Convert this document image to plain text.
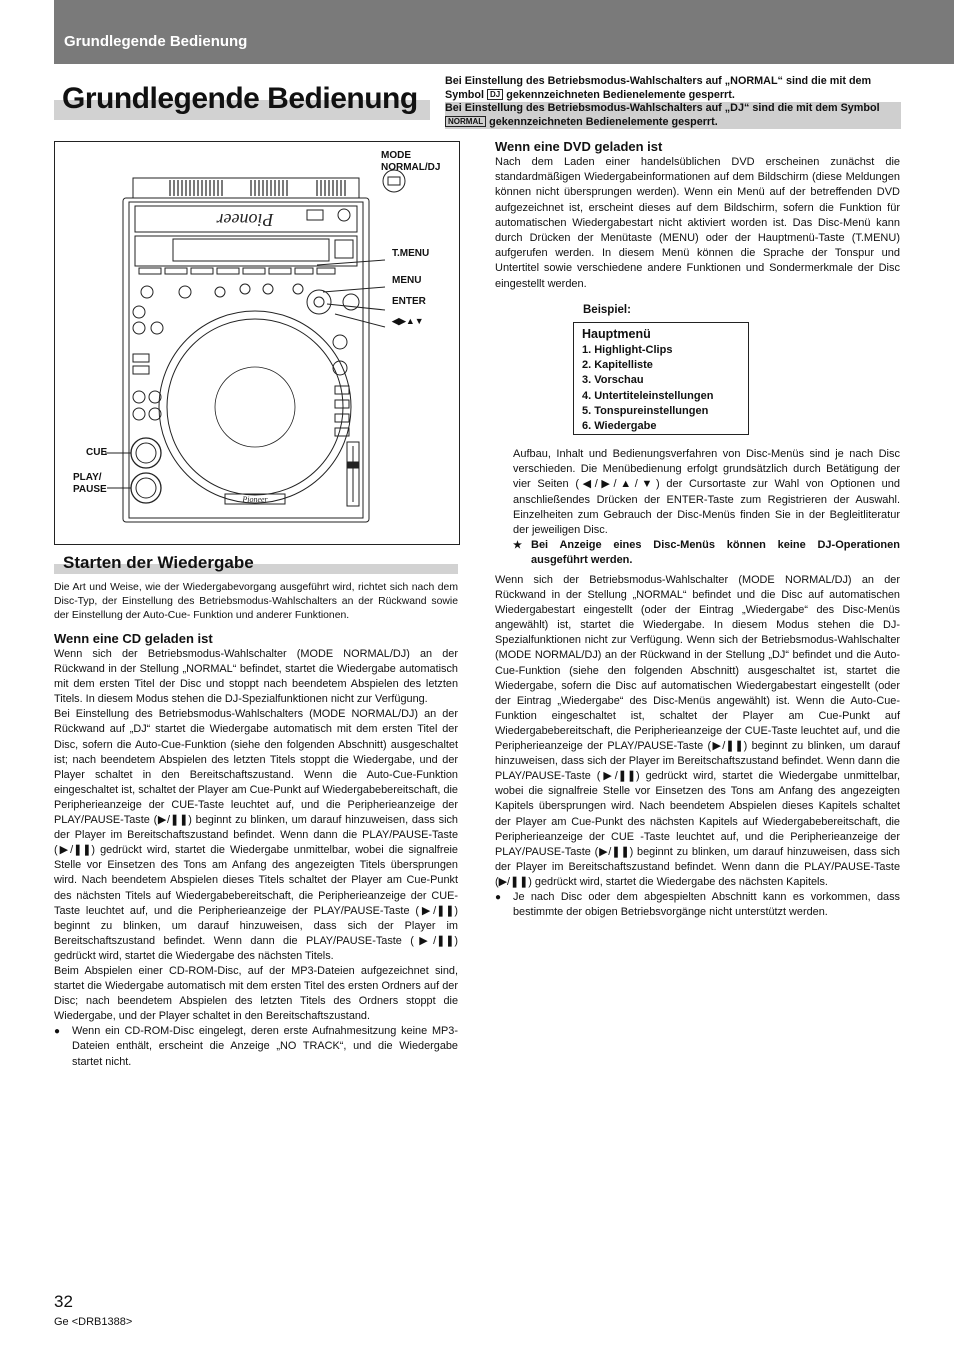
Grundlegende Bedienung
Grundlegende Bedienung
Bei Einstellung des Betriebsmodus-Wahlschalters auf „NORMAL“ sind die mit dem Symbol DJ gekennzeichneten Bedienelemente gesperrt.
Bei Einstellung des Betriebsmodus-Wahlschalters auf „DJ“ sind die mit dem Symbol NORMAL gekennzeichneten Bedienelemente gesperrt.
Pioneer
Pioneer
MODE NORMAL/DJ
T.MENU
MENU
ENTER
◀▶▲▼
CUE
PLAY/ PAUSE
Starten der Wiedergabe
Die Art und Weise, wie der Wiedergabevorgang ausgeführt wird, richtet sich nach dem Disc-Typ, der Einstellung des Betriebsmodus-Wahlschalters an der Rückwand sowie der Einstellung der Auto-Cue- Funktion und anderer Funktionen.
Wenn eine CD geladen ist

Wenn sich der Betriebsmodus-Wahlschalter (MODE NORMAL/DJ) an der Rückwand in der Stellung „NORMAL“ befindet, startet die Wiedergabe automatisch mit dem ersten Titel der Disc und stoppt nach beendetem Abspielen des letzten Titels. In diesem Modus stehen die DJ-Spezialfunktionen nicht zur Verfügung.

Bei Einstellung des Betriebsmodus-Wahlschalters (MODE NORMAL/DJ) an der Rückwand auf „DJ“ startet die Wiedergabe automatisch mit dem ersten Titel der Disc, sofern die Auto-Cue-Funktion (siehe den folgenden Abschnitt) ausgeschaltet ist; nach beendetem Abspielen des letzten Titels stoppt die Wiedergabe, und der Player schaltet in den Bereitschaftszustand. Wenn die Auto-Cue-Funktion eingeschaltet ist, schaltet der Player am Cue-Punkt auf Wiedergabebereitschaft, die Peripherieanzeige der CUE-Taste leuchtet auf, und die Peripherieanzeige der PLAY/PAUSE-Taste (▶/❚❚) beginnt zu blinken, um darauf hinzuweisen, dass sich der Player im Bereitschaftszustand befindet. Wenn dann die PLAY/PAUSE-Taste (▶/❚❚) gedrückt wird, startet die Wiedergabe unmittelbar, wobei die signalfreie Stelle vor Einsetzen des Tons am Anfang des angezeigten Titels übersprungen wird. Nach beendetem Abspielen dieses Titels schaltet der Player am Cue-Punkt des nächsten Titels auf Wiedergabebereitschaft, die Peripherieanzeige der CUE-Taste leuchtet auf, und die Peripherieanzeige der PLAY/PAUSE-Taste (▶/❚❚) beginnt zu blinken, um darauf hinzuweisen, dass sich der Player im Bereitschaftszustand befindet. Wenn dann die PLAY/PAUSE-Taste (▶/❚❚) gedrückt wird, startet die Wiedergabe des nächsten Titels.

Beim Abspielen einer CD-ROM-Disc, auf der MP3-Dateien aufgezeichnet sind, startet die Wiedergabe automatisch mit dem ersten Titel des ersten Ordners auf der Disc; nach beendetem Abspielen des letzten Titels des Ordners stoppt die Wiedergabe, und der Player schaltet in den Bereitschaftszustand.

● Wenn ein CD-ROM-Disc eingelegt, deren erste Aufnahmesitzung keine MP3-Dateien enthält, erscheint die Anzeige „NO TRACK“, und die Wiedergabe startet nicht.

Wenn eine DVD geladen ist

Nach dem Laden einer handelsüblichen DVD erscheinen zunächst die standardmäßigen Wiedergabeinformationen auf dem Bildschirm (diese Meldungen können nicht übersprungen werden). Wenn ein Menü auf der betreffenden DVD aufgezeichnet ist, erscheint dieses auf dem Bildschirm, sofern die Funktion für automatischen Wiedergabestart nicht aktiviert worden ist. Das Disc-Menü kann durch Drücken der Menütaste (MENU) oder der Hauptmenü-Taste (T.MENU) aufgerufen werden. In diesem Menü können die Sprache der Tonspur und Untertitel sowie verschiedene andere Funktionen und Sondermerkmale der Disc eingestellt werden.

Beispiel:
Hauptmenü
1. Highlight-Clips
2. Kapitelliste
3. Vorschau
4. Untertiteleinstellungen
5. Tonspureinstellungen
6. Wiedergabe

Aufbau, Inhalt und Bedienungsverfahren von Disc-Menüs sind je nach Disc verschieden. Die Menübedienung erfolgt grundsätzlich durch Betätigung der vier Seiten (◀/▶/▲/▼) der Cursortaste zur Wahl von Optionen und anschließendes Drücken der ENTER-Taste zum Registrieren der Auswahl. Einzelheiten zum Gebrauch der Disc-Menüs finden Sie in der Begleitliteratur der jeweiligen Disc.

★ Bei Anzeige eines Disc-Menüs können keine DJ-Operationen ausgeführt werden.

Wenn sich der Betriebsmodus-Wahlschalter (MODE NORMAL/DJ) an der Rückwand in der Stellung „NORMAL“ befindet und die Disc auf automatischen Wiedergabestart eingestellt (oder der Eintrag „Wiedergabe“ des Disc-Menüs angewählt) ist, startet die Wiedergabe. In diesem Modus stehen die DJ-Spezialfunktionen nicht zur Verfügung. Wenn sich der Betriebsmodus-Wahlschalter (MODE NORMAL/DJ) an der Rückwand in der Stellung „DJ“ befindet und die Auto-Cue-Funktion (siehe den folgenden Abschnitt) ausgeschaltet ist, startet die Wiedergabe, sofern die Disc auf automatischen Wiedergabestart eingestellt (oder der Eintrag „Wiedergabe“ des Disc-Menüs angewählt) ist. Wenn die Auto-Cue-Funktion eingeschaltet ist, schaltet der Player am Cue-Punkt auf Wiedergabebereitschaft, die Peripherieanzeige der CUE-Taste leuchtet auf, und die Peripherieanzeige der PLAY/PAUSE-Taste (▶/❚❚) beginnt zu blinken, um darauf hinzuweisen, dass sich der Player im Bereitschaftszustand befindet. Wenn dann die PLAY/PAUSE-Taste (▶/❚❚) gedrückt wird, startet die Wiedergabe unmittelbar, wobei die signalfreie Stelle vor Einsetzen des Tons am Anfang des angezeigten Kapitels übersprungen wird. Nach beendetem Abspielen dieses Kapitels schaltet der Player am Cue-Punkt des nächsten Kapitels auf Wiedergabebereitschaft, die Peripherieanzeige der CUE -Taste leuchtet auf, und die Peripherieanzeige der PLAY/PAUSE-Taste (▶/❚❚) beginnt zu blinken, um darauf hinzuweisen, dass sich der Player im Bereitschaftszustand befindet. Wenn dann die PLAY/PAUSE-Taste (▶/❚❚) gedrückt wird, startet die Wiedergabe des nächsten Kapitels.

● Je nach Disc oder dem abgespielten Abschnitt kann es vorkommen, dass bestimmte der obigen Betriebsvorgänge nicht unterstützt werden.

32
Ge <DRB1388>
